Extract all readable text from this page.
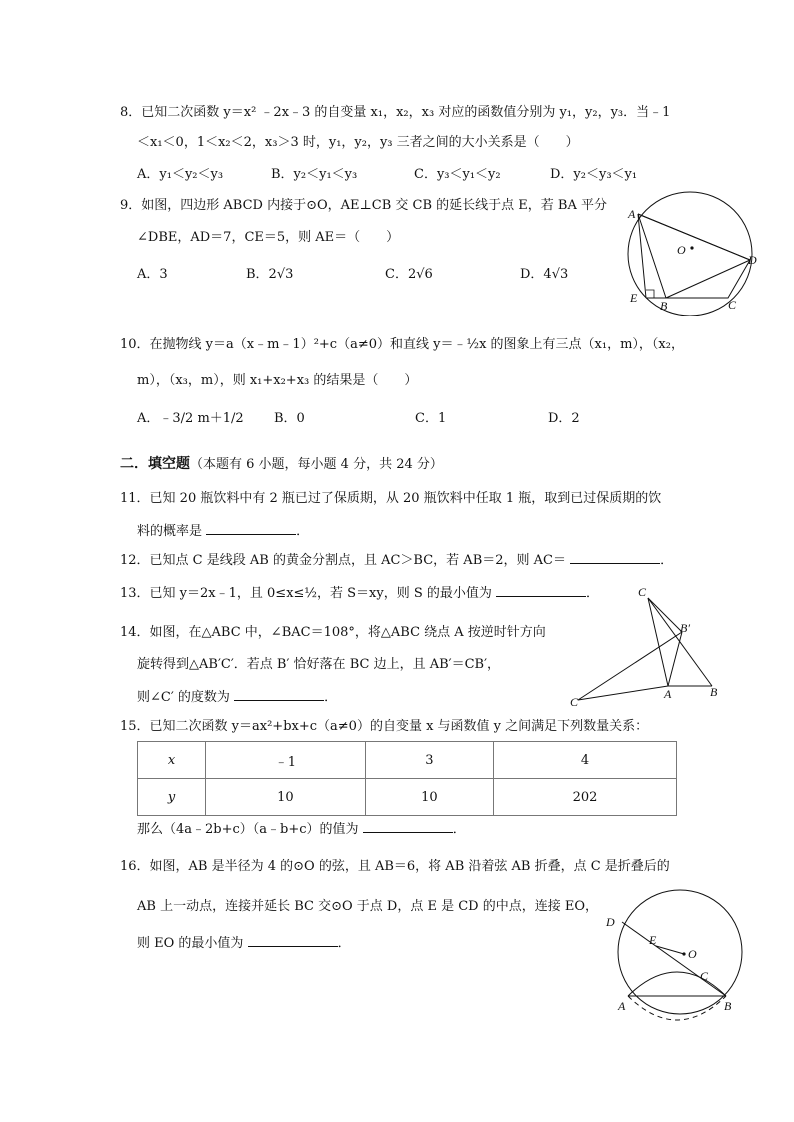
8．已知二次函数 y＝x² ﹣2x﹣3 的自变量 x₁，x₂，x₃ 对应的函数值分别为 y₁，y₂，y₃．当﹣1
＜x₁＜0，1＜x₂＜2，x₃＞3 时，y₁，y₂，y₃ 三者之间的大小关系是（　　）
A．y₁＜y₂＜y₃	B．y₂＜y₁＜y₃	C．y₃＜y₁＜y₂	D．y₂＜y₃＜y₁
9．如图，四边形 ABCD 内接于⊙O，AE⊥CB 交 CB 的延长线于点 E，若 BA 平分
∠DBE，AD＝7，CE＝5，则 AE＝（　　）
A．3	B．2√3	C．2√6	D．4√3
A
O
D
E
B	C
10．在抛物线 y＝a（x﹣m﹣1）²+c（a≠0）和直线 y＝﹣½x 的图象上有三点（x₁，m），（x₂，
m），（x₃，m），则 x₁+x₂+x₃ 的结果是（　　）
A．﹣3/2 m＋1/2 B．0	C．1	D．2
二．填空题（本题有 6 小题，每小题 4 分，共 24 分）
11．已知 20 瓶饮料中有 2 瓶已过了保质期，从 20 瓶饮料中任取 1 瓶，取到已过保质期的饮
料的概率是	．
12．已知点 C 是线段 AB 的黄金分割点，且 AC＞BC，若 AB＝2，则 AC＝	．
13．已知 y＝2x﹣1，且 0≤x≤½，若 S＝xy，则 S 的最小值为	．
14．如图，在△ABC 中，∠BAC＝108°，将△ABC 绕点 A 按逆时针方向
旋转得到△AB′C′．若点 B′ 恰好落在 BC 边上，且 AB′＝CB′，
则∠C′ 的度数为	．
C
B′
A	B
C
15．已知二次函数 y＝ax²+bx+c（a≠0）的自变量 x 与函数值 y 之间满足下列数量关系：
x	﹣1	3	4
y	10	10	202
那么（4a﹣2b+c）（a﹣b+c）的值为	．
16．如图，AB 是半径为 4 的⊙O 的弦，且 AB＝6，将 AB 沿着弦 AB 折叠，点 C 是折叠后的
AB 上一动点，连接并延长 BC 交⊙O 于点 D，点 E 是 CD 的中点，连接 EO，
则 EO 的最小值为	．
D
E
O
C
A	B
